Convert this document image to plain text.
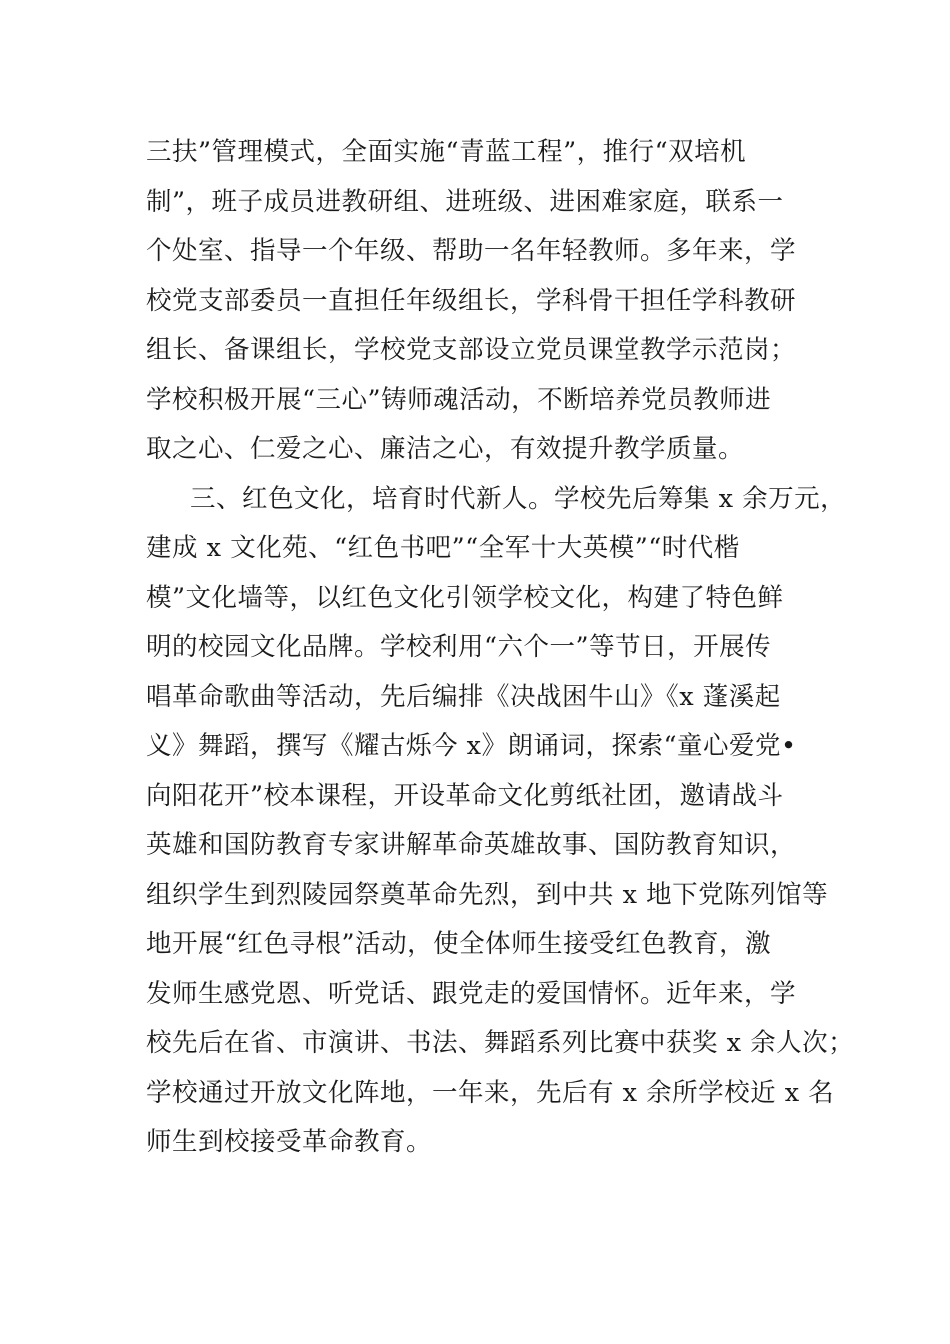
三扶”管理模式，全面实施“青蓝工程”，推行“双培机
制”，班子成员进教研组、进班级、进困难家庭，联系一
个处室、指导一个年级、帮助一名年轻教师。多年来，学
校党支部委员一直担任年级组长，学科骨干担任学科教研
组长、备课组长，学校党支部设立党员课堂教学示范岗；
学校积极开展“三心”铸师魂活动，不断培养党员教师进
取之心、仁爱之心、廉洁之心，有效提升教学质量。
三、红色文化，培育时代新人。学校先后筹集 x 余万元，
建成 x 文化苑、“红色书吧”“全军十大英模”“时代楷
模”文化墙等，以红色文化引领学校文化，构建了特色鲜
明的校园文化品牌。学校利用“六个一”等节日，开展传
唱革命歌曲等活动，先后编排《决战困牛山》《x 蓬溪起
义》舞蹈，撰写《耀古烁今 x》朗诵词，探索“童心爱党•
向阳花开”校本课程，开设革命文化剪纸社团，邀请战斗
英雄和国防教育专家讲解革命英雄故事、国防教育知识，
组织学生到烈陵园祭奠革命先烈，到中共 x 地下党陈列馆等
地开展“红色寻根”活动，使全体师生接受红色教育，激
发师生感党恩、听党话、跟党走的爱国情怀。近年来，学
校先后在省、市演讲、书法、舞蹈系列比赛中获奖 x 余人次；
学校通过开放文化阵地，一年来，先后有 x 余所学校近 x 名
师生到校接受革命教育。
